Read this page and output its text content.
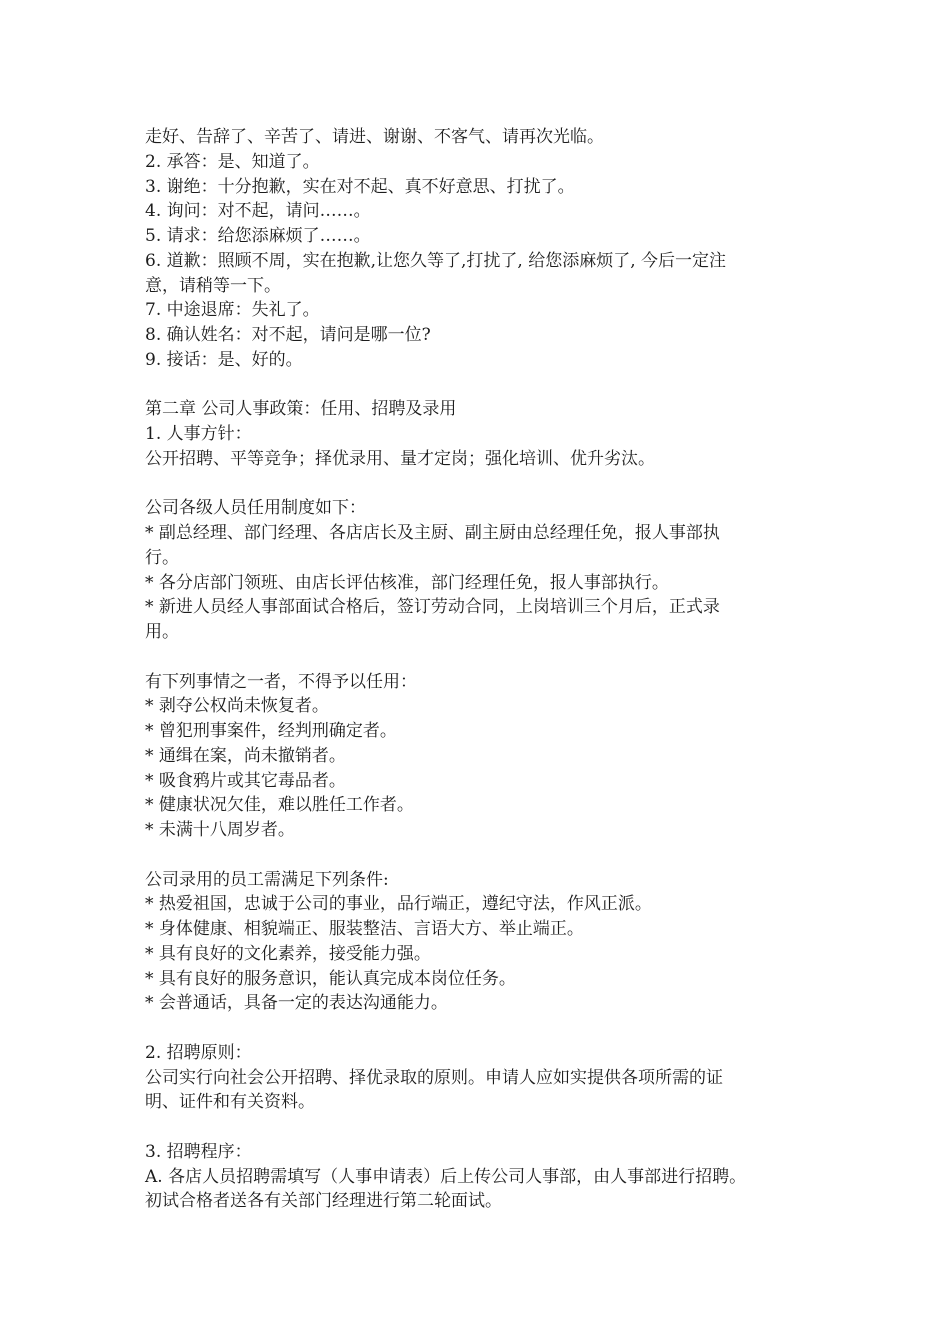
走好、告辞了、辛苦了、请进、谢谢、不客气、请再次光临。
2. 承答：是、知道了。
3. 谢绝：十分抱歉，实在对不起、真不好意思、打扰了。
4. 询问：对不起，请问……。
5. 请求：给您添麻烦了……。
6. 道歉：照顾不周，实在抱歉,让您久等了,打扰了, 给您添麻烦了, 今后一定注
意，请稍等一下。
7. 中途退席：失礼了。
8. 确认姓名：对不起，请问是哪一位?
9. 接话：是、好的。
第二章 公司人事政策：任用、招聘及录用
1. 人事方针：
公开招聘、平等竞争；择优录用、量才定岗；强化培训、优升劣汰。
公司各级人员任用制度如下：
* 副总经理、部门经理、各店店长及主厨、副主厨由总经理任免，报人事部执
行。
* 各分店部门领班、由店长评估核准，部门经理任免，报人事部执行。
* 新进人员经人事部面试合格后，签订劳动合同，上岗培训三个月后，正式录
用。
有下列事情之一者，不得予以任用：
* 剥夺公权尚未恢复者。
* 曾犯刑事案件，经判刑确定者。
* 通缉在案，尚未撤销者。
* 吸食鸦片或其它毒品者。
* 健康状况欠佳，难以胜任工作者。
* 未满十八周岁者。
公司录用的员工需满足下列条件:
* 热爱祖国，忠诚于公司的事业，品行端正，遵纪守法，作风正派。
* 身体健康、相貌端正、服装整洁、言语大方、举止端正。
* 具有良好的文化素养，接受能力强。
* 具有良好的服务意识，能认真完成本岗位任务。
* 会普通话，具备一定的表达沟通能力。
2. 招聘原则：
公司实行向社会公开招聘、择优录取的原则。申请人应如实提供各项所需的证
明、证件和有关资料。
3. 招聘程序：
A. 各店人员招聘需填写（人事申请表）后上传公司人事部，由人事部进行招聘。
初试合格者送各有关部门经理进行第二轮面试。
